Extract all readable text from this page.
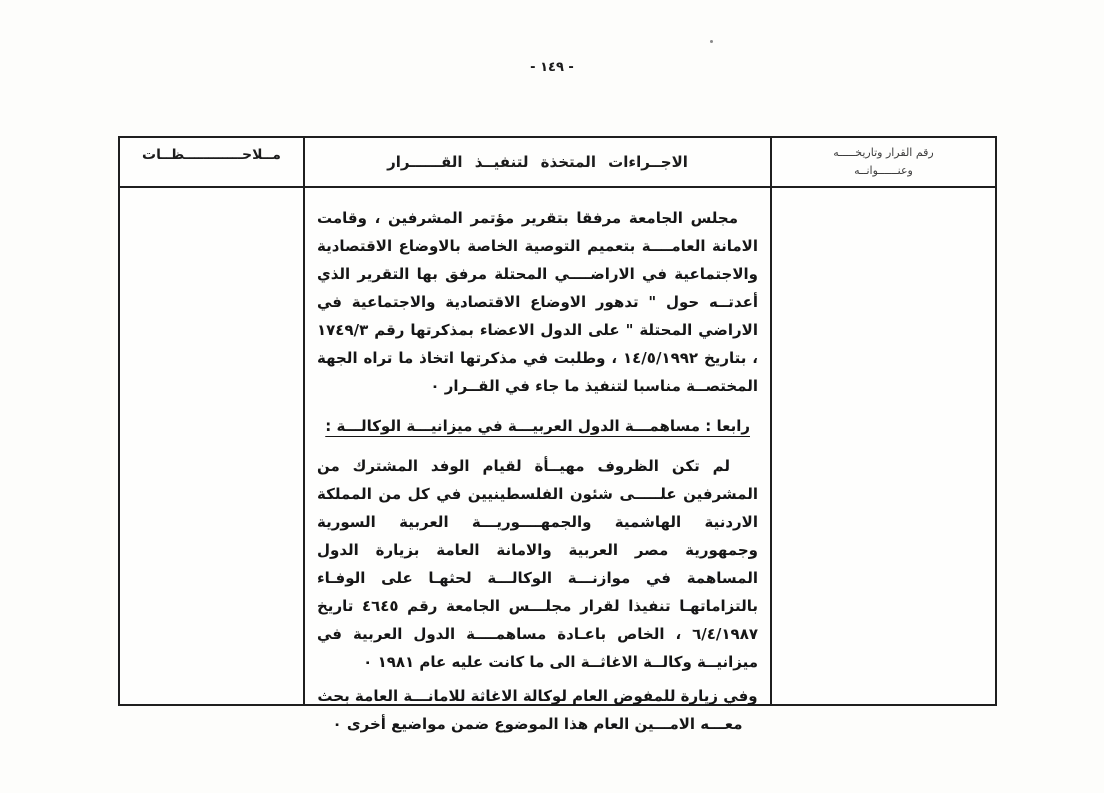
- ١٤٩ -
مــلاحــــــــــــظــات	الاجــراءات المتخذة لتنفيــذ القــــــرار
رقم القرار وتاريخـــــه
وعنــــــوانــه

مجلس الجامعة مرفقا بتقرير مؤتمر المشرفين ، وقامت الامانة العامــــة بتعميم التوصية الخاصة بالاوضاع الاقتصادية والاجتماعية في الاراضــــي المحتلة مرفق بها التقرير الذي أعدتــه حول " تدهور الاوضاع الاقتصادية والاجتماعية في الاراضي المحتلة " على الدول الاعضاء بمذكرتها رقم ١٧٤٩/٣ ، بتاريخ ١٤/٥/١٩٩٢ ، وطلبت في مذكرتها اتخاذ ما تراه الجهة المختصــة مناسبا لتنفيذ ما جاء في القــرار ٠

رابعا : مساهمـــة الدول العربيـــة في ميزانيـــة الوكالـــة :

لم تكن الظروف مهيــأة لقيام الوفد المشترك من المشرفين علـــــى شئون الفلسطينيين في كل من المملكة الاردنية الهاشمية والجمهــــوريـــة العربية السورية وجمهورية مصر العربية والامانة العامة بزيارة الدول المساهمة في موازنـــة الوكالـــة لحثهـا على الوفـاء بالتزاماتهـا تنفيذا لقرار مجلـــس الجامعة رقم ٤٦٤٥ تاريخ ٦/٤/١٩٨٧ ، الخاص باعـادة مساهمــــة الدول العربية في ميزانيــة وكالــة الاغاثــة الى ما كانت عليه عام ١٩٨١ ٠

وفي زيارة للمفوض العام لوكالة الاغاثة للامانـــة العامة بحث معـــه الامـــين العام هذا الموضوع ضمن مواضيع أخرى ٠
